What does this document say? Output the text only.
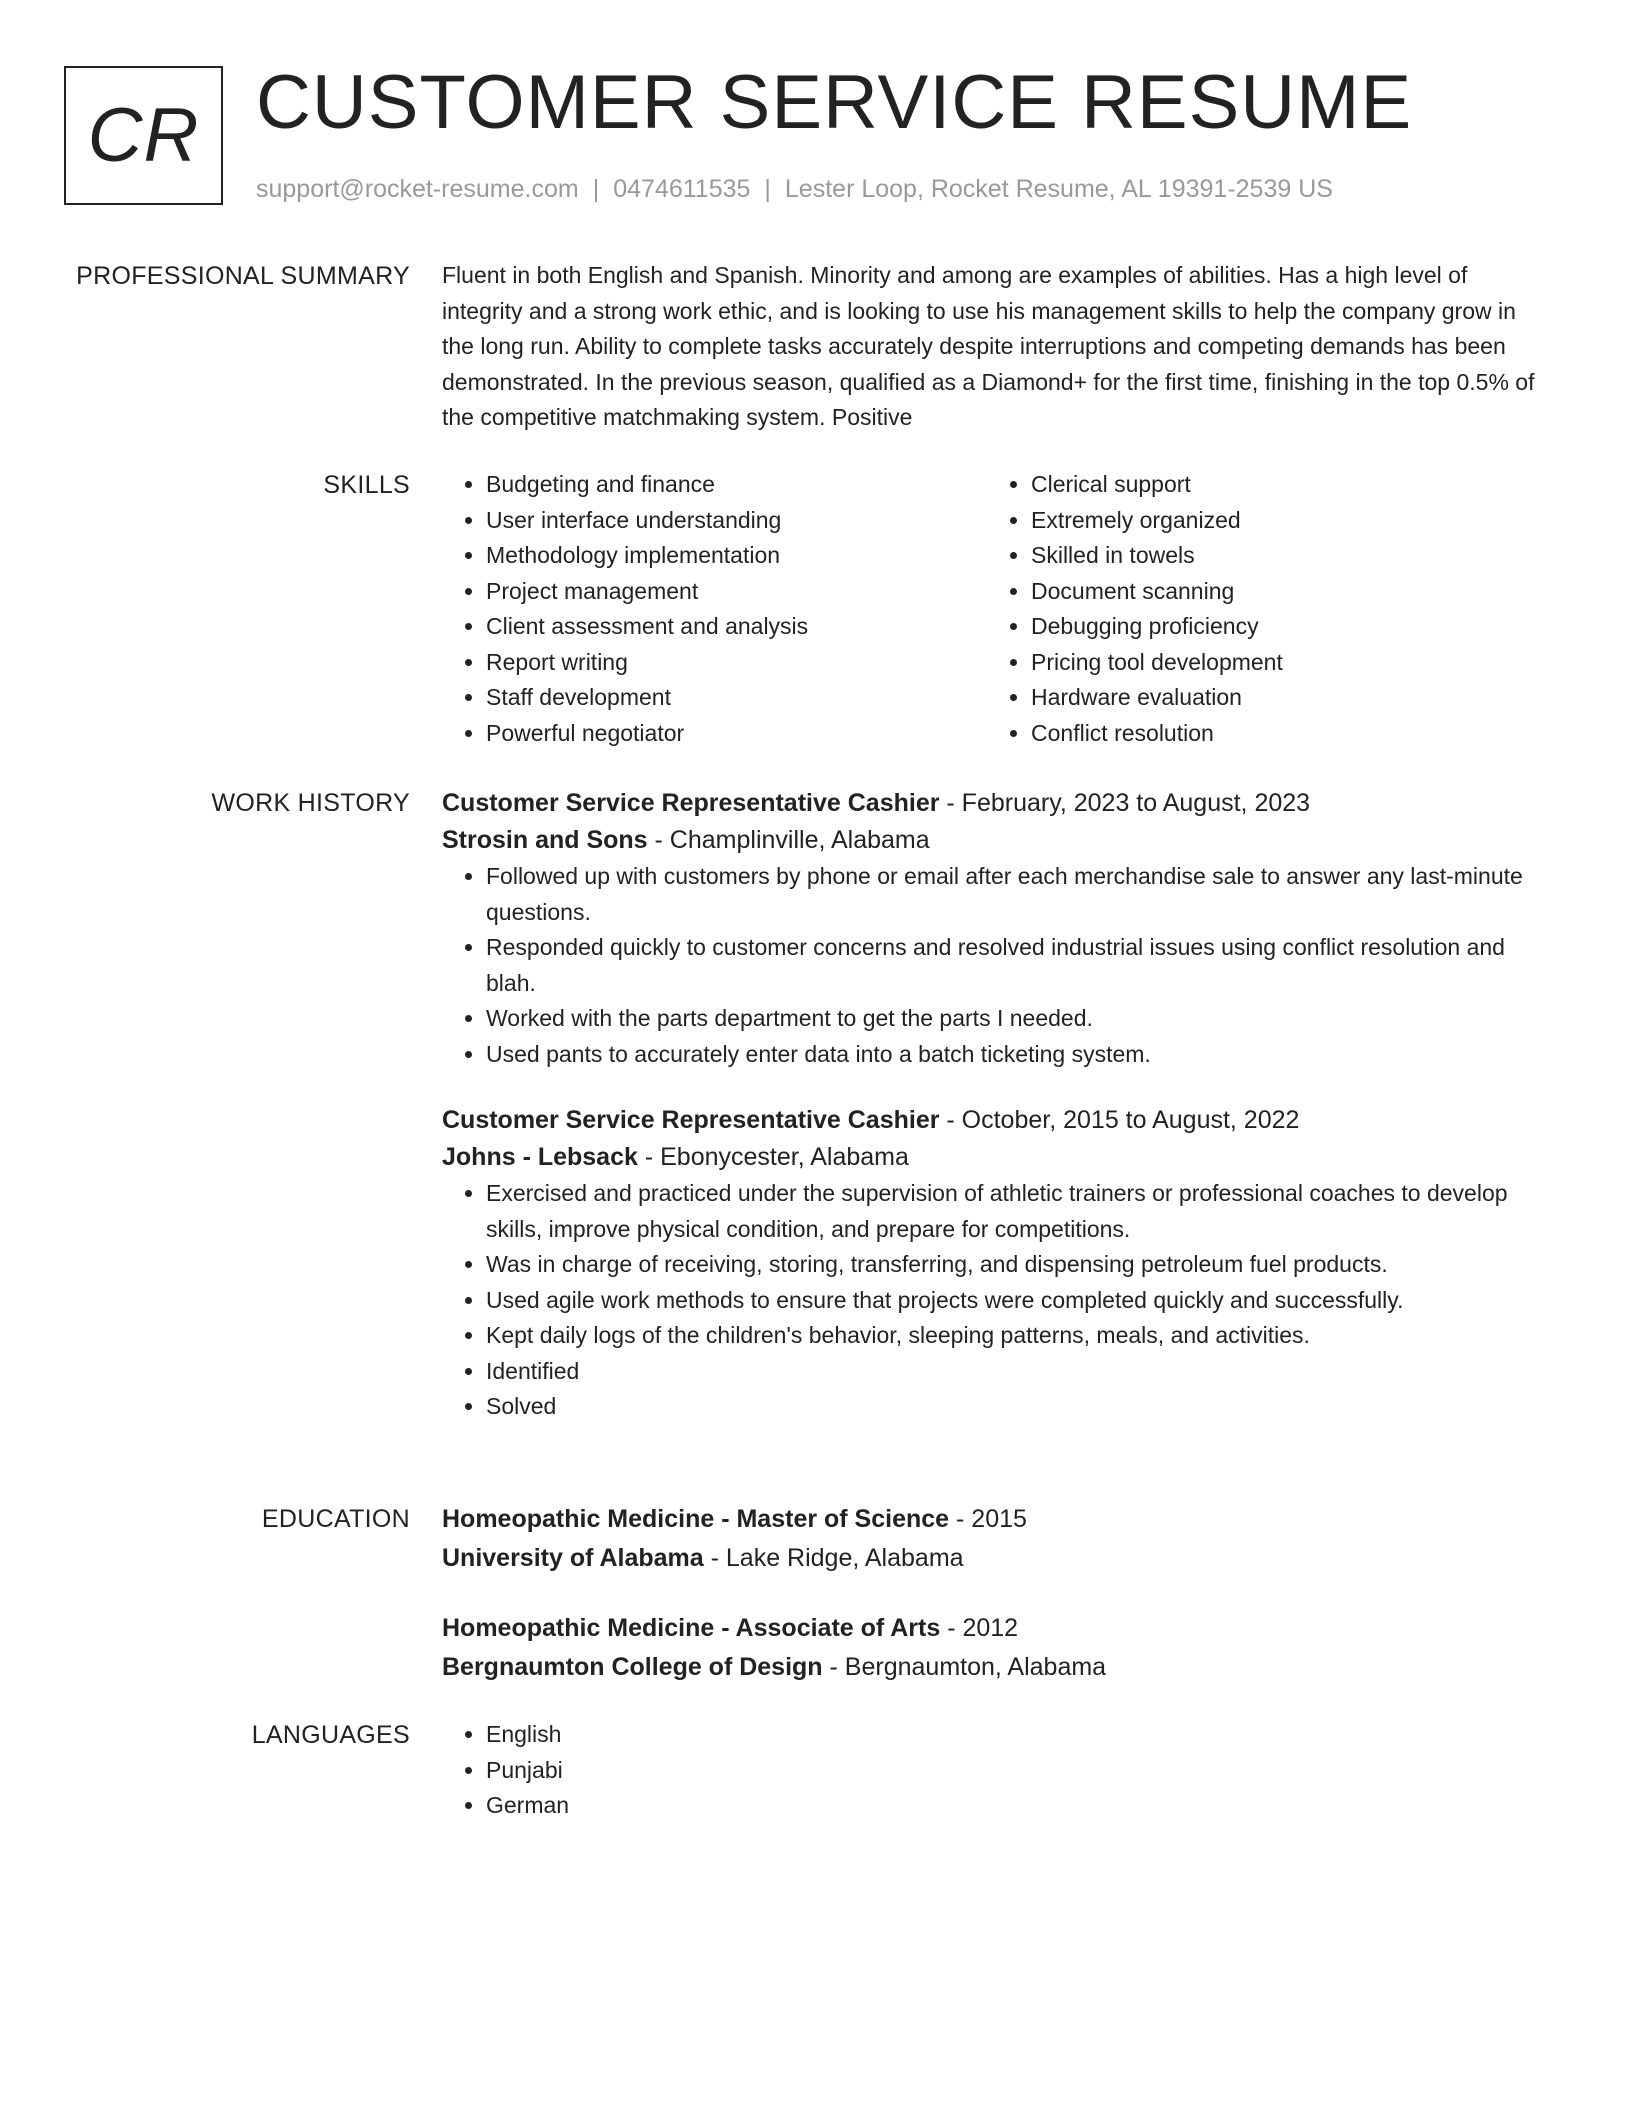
CR CUSTOMER SERVICE RESUME
support@rocket-resume.com | 0474611535 | Lester Loop, Rocket Resume, AL 19391-2539 US
PROFESSIONAL SUMMARY Fluent in both English and Spanish. Minority and among are examples of abilities. Has a high level of integrity and a strong work ethic, and is looking to use his management skills to help the company grow in the long run. Ability to complete tasks accurately despite interruptions and competing demands has been demonstrated. In the previous season, qualified as a Diamond+ for the first time, finishing in the top 0.5% of the competitive matchmaking system. Positive

SKILLS	• Budgeting and finance
• User interface understanding
• Methodology implementation
• Project management
• Client assessment and analysis
• Report writing
• Staff development
• Powerful negotiator
• Clerical support
• Extremely organized
• Skilled in towels
• Document scanning
• Debugging proficiency
• Pricing tool development
• Hardware evaluation
• Conflict resolution
WORK HISTORY Customer Service Representative Cashier - February, 2023 to August, 2023
Strosin and Sons - Champlinville, Alabama
• Followed up with customers by phone or email after each merchandise sale to answer any last-minute questions.
• Responded quickly to customer concerns and resolved industrial issues using conflict resolution and blah.
• Worked with the parts department to get the parts I needed.
• Used pants to accurately enter data into a batch ticketing system.
Customer Service Representative Cashier - October, 2015 to August, 2022
Johns - Lebsack - Ebonycester, Alabama
• Exercised and practiced under the supervision of athletic trainers or professional coaches to develop skills, improve physical condition, and prepare for competitions.
• Was in charge of receiving, storing, transferring, and dispensing petroleum fuel products.
• Used agile work methods to ensure that projects were completed quickly and successfully.
• Kept daily logs of the children's behavior, sleeping patterns, meals, and activities.
• Identified
• Solved
EDUCATION Homeopathic Medicine - Master of Science - 2015
University of Alabama - Lake Ridge, Alabama
Homeopathic Medicine - Associate of Arts - 2012
Bergnaumton College of Design - Bergnaumton, Alabama
LANGUAGES	• English
• Punjabi
• German
